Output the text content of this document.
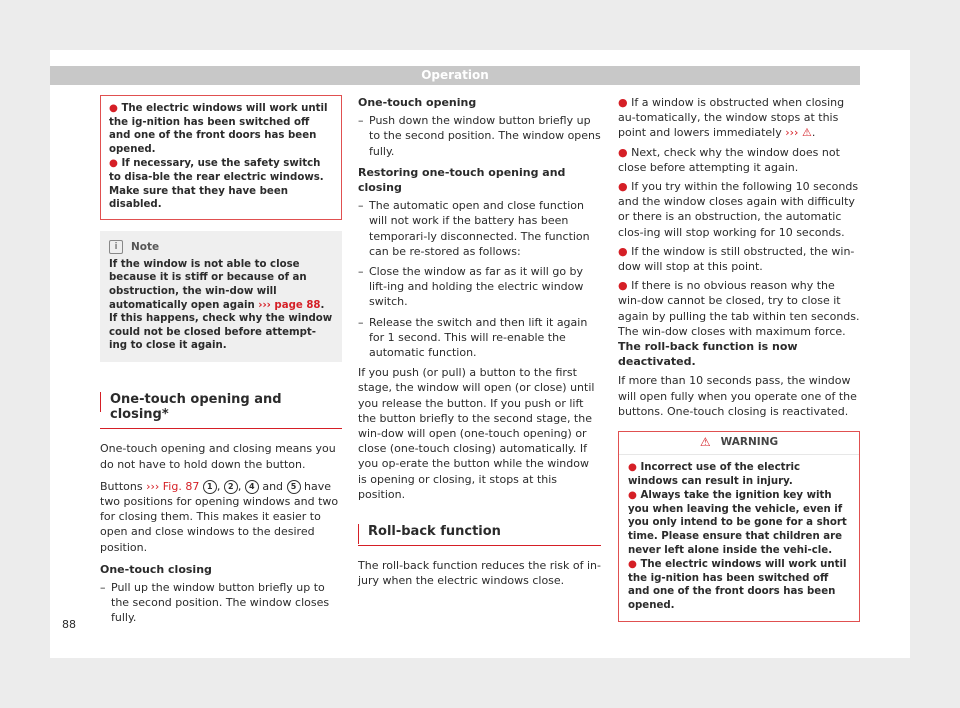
Operation
● The electric windows will work until the ig-nition has been switched off and one of the front doors has been opened.
● If necessary, use the safety switch to disa-ble the rear electric windows. Make sure that they have been disabled.
i	Note
If the window is not able to close because it is stiff or because of an obstruction, the win-dow will automatically open again ››› page 88. If this happens, check why the window could not be closed before attempt-ing to close it again.
One-touch opening and closing*

One-touch opening and closing means you do not have to hold down the button.

Buttons ››› Fig. 87 1 , 2 , 4 and 5 have two positions for opening windows and two for closing them. This makes it easier to open and close windows to the desired position.

One-touch closing
– Pull up the window button briefly up to the second position. The window closes fully.
One-touch opening
– Push down the window button briefly up to the second position. The window opens fully.
Restoring one-touch opening and closing
– The automatic open and close function will not work if the battery has been temporari-ly disconnected. The function can be re-stored as follows:
– Close the window as far as it will go by lift-ing and holding the electric window switch.
– Release the switch and then lift it again for 1 second. This will re-enable the automatic function.

If you push (or pull) a button to the first stage, the window will open (or close) until you release the button. If you push or lift the button briefly to the second stage, the win-dow will open (one-touch opening) or close (one-touch closing) automatically. If you op-erate the button while the window is opening or closing, it stops at this position.

Roll-back function

The roll-back function reduces the risk of in-jury when the electric windows close.

● If a window is obstructed when closing au-tomatically, the window stops at this point and lowers immediately ››› ⚠.
● Next, check why the window does not close before attempting it again.
● If you try within the following 10 seconds and the window closes again with difficulty or there is an obstruction, the automatic clos-ing will stop working for 10 seconds.
● If the window is still obstructed, the win-dow will stop at this point.
● If there is no obvious reason why the win-dow cannot be closed, try to close it again by pulling the tab within ten seconds. The win-dow closes with maximum force. The roll-back function is now deactivated.

If more than 10 seconds pass, the window will open fully when you operate one of the buttons. One-touch closing is reactivated.

⚠ WARNING
● Incorrect use of the electric windows can result in injury.
● Always take the ignition key with you when leaving the vehicle, even if you only intend to be gone for a short time. Please ensure that children are never left alone inside the vehi-cle.
● The electric windows will work until the ig-nition has been switched off and one of the front doors has been opened.
88
